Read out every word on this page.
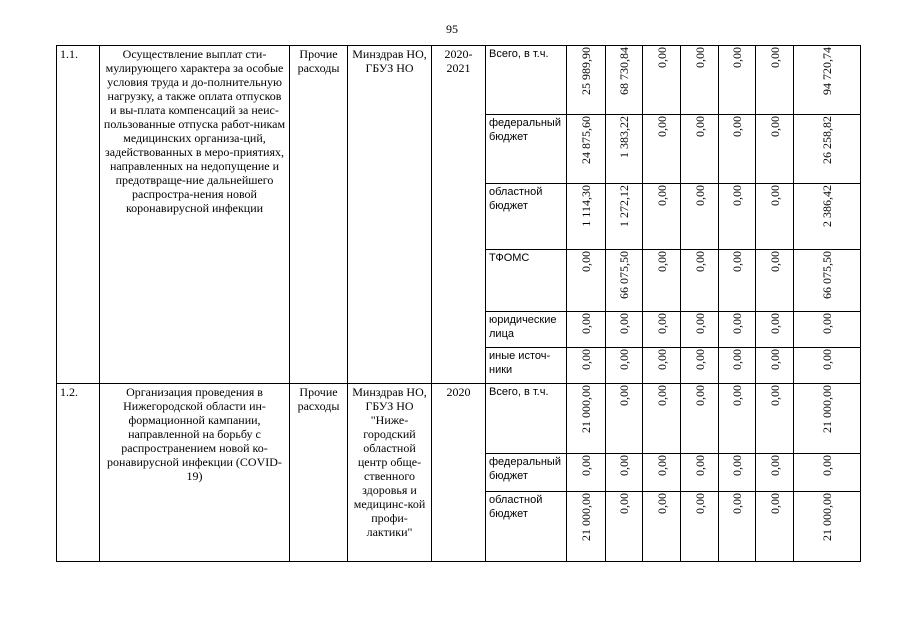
95
1.1.	Осуществление выплат сти-мулирующего характера за особые условия труда и до-полнительную нагрузку, а также оплата отпусков и вы-плата компенсаций за неис-пользованные отпуска работ-никам медицинских организа-ций, задействованных в меро-приятиях, направленных на недопущение и предотвраще-ние дальнейшего распростра-нения новой коронавирусной инфекции	Прочие расходы	Минздрав НО, ГБУЗ НО	2020-2021	Всего, в т.ч.	25 989,90	68 730,84	0,00	0,00	0,00	0,00	94 720,74
					федеральный бюджет	24 875,60	1 383,22	0,00	0,00	0,00	0,00	26 258,82
					областной бюджет	1 114,30	1 272,12	0,00	0,00	0,00	0,00	2 386,42
					ТФОМС	0,00	66 075,50	0,00	0,00	0,00	0,00	66 075,50
					юридические лица	0,00	0,00	0,00	0,00	0,00	0,00	0,00
					иные источ-ники	0,00	0,00	0,00	0,00	0,00	0,00	0,00
1.2.	Организация проведения в Нижегородской области ин-формационной кампании, направленной на борьбу с распространением новой ко-ронавирусной инфекции (COVID-19)	Прочие расходы	Минздрав НО, ГБУЗ НО "Ниже-городский областной центр обще-ственного здоровья и медицинс-кой профи-лактики"	2020	Всего, в т.ч.	21 000,00	0,00	0,00	0,00	0,00	0,00	21 000,00
					федеральный бюджет	0,00	0,00	0,00	0,00	0,00	0,00	0,00
					областной бюджет	21 000,00	0,00	0,00	0,00	0,00	0,00	21 000,00
